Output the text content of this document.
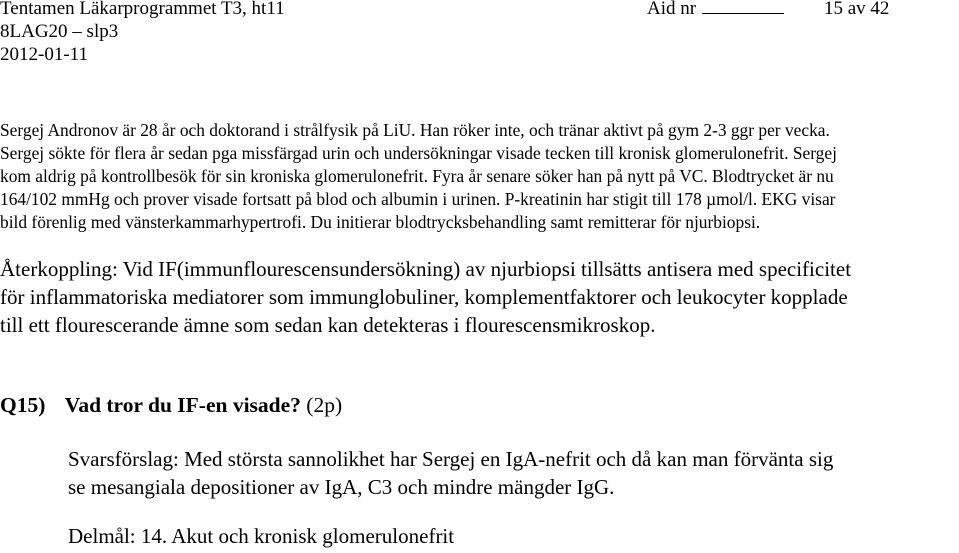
Tentamen Läkarprogrammet T3, ht11	Aid nr	15 av 42
8LAG20 – slp3
2012-01-11
Sergej Andronov är 28 år och doktorand i strålfysik på LiU. Han röker inte, och tränar aktivt på gym 2-3 ggr per vecka.
Sergej sökte för flera år sedan pga missfärgad urin och undersökningar visade tecken till kronisk glomerulonefrit. Sergej
kom aldrig på kontrollbesök för sin kroniska glomerulonefrit. Fyra år senare söker han på nytt på VC. Blodtrycket är nu
164/102 mmHg och prover visade fortsatt på blod och albumin i urinen. P-kreatinin har stigit till 178 µmol/l. EKG visar
bild förenlig med vänsterkammarhypertrofi. Du initierar blodtrycksbehandling samt remitterar för njurbiopsi.
Återkoppling: Vid IF(immunflourescensundersökning) av njurbiopsi tillsätts antisera med specificitet
för inflammatoriska mediatorer som immunglobuliner, komplementfaktorer och leukocyter kopplade
till ett flourescerande ämne som sedan kan detekteras i flourescensmikroskop.
Q15) Vad tror du IF-en visade? (2p)
Svarsförslag: Med största sannolikhet har Sergej en IgA-nefrit och då kan man förvänta sig
se mesangiala depositioner av IgA, C3 och mindre mängder IgG.
Delmål: 14. Akut och kronisk glomerulonefrit
